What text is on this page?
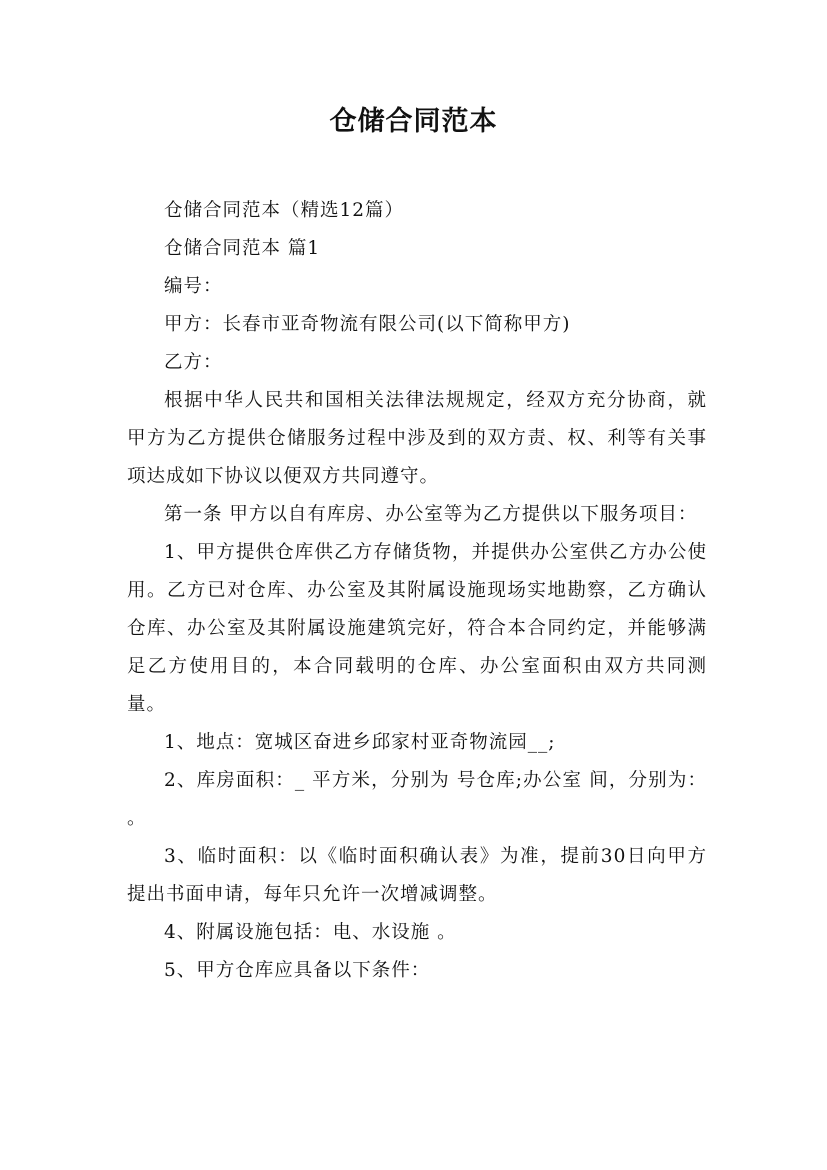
仓储合同范本

仓储合同范本（精选12篇）

仓储合同范本 篇1

编号：

甲方：长春市亚奇物流有限公司(以下简称甲方)

乙方：

根据中华人民共和国相关法律法规规定，经双方充分协商，就甲方为乙方提供仓储服务过程中涉及到的双方责、权、利等有关事项达成如下协议以便双方共同遵守。

第一条 甲方以自有库房、办公室等为乙方提供以下服务项目：

1、甲方提供仓库供乙方存储货物，并提供办公室供乙方办公使用。乙方已对仓库、办公室及其附属设施现场实地勘察，乙方确认仓库、办公室及其附属设施建筑完好，符合本合同约定，并能够满足乙方使用目的，本合同载明的仓库、办公室面积由双方共同测量。

1、地点：宽城区奋进乡邱家村亚奇物流园__;

2、库房面积：_ 平方米，分别为 号仓库;办公室 间，分别为： 。

3、临时面积：以《临时面积确认表》为准，提前30日向甲方提出书面申请，每年只允许一次增减调整。

4、附属设施包括：电、水设施 。

5、甲方仓库应具备以下条件：
